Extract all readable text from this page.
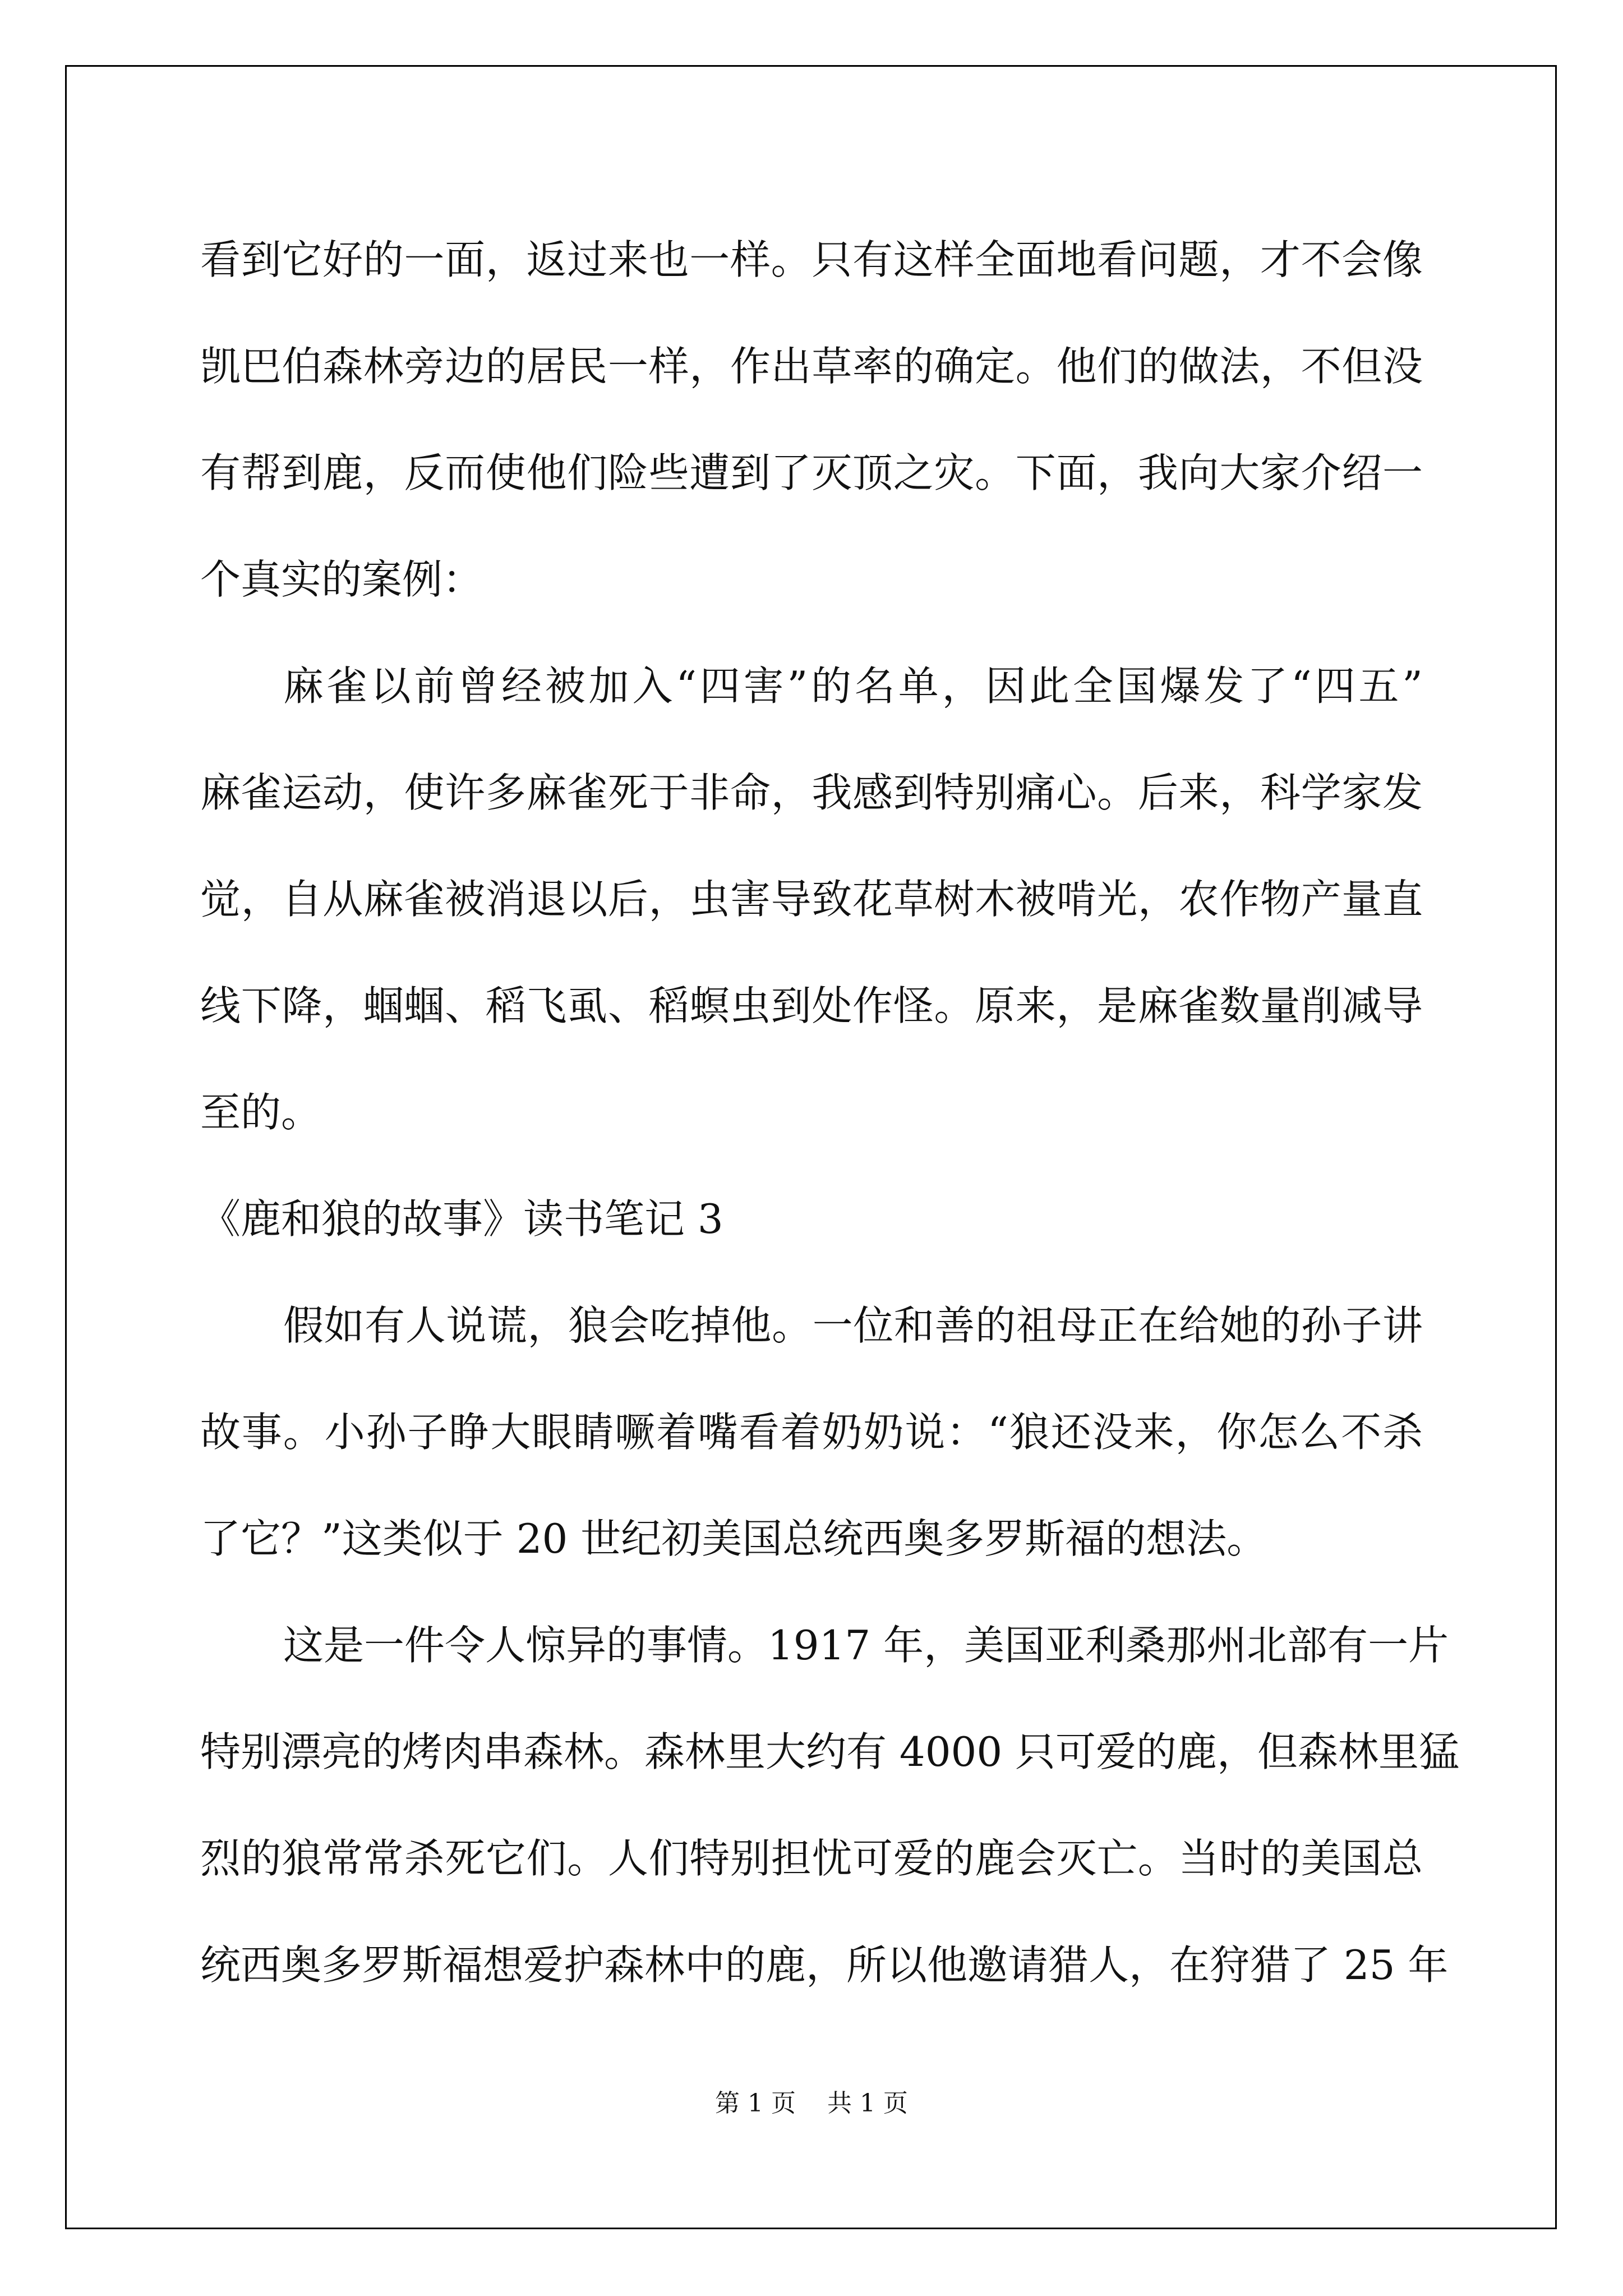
看到它好的一面，返过来也一样。只有这样全面地看问题，才不会像
凯巴伯森林旁边的居民一样，作出草率的确定。他们的做法，不但没
有帮到鹿，反而使他们险些遭到了灭顶之灾。下面，我向大家介绍一
个真实的案例：
麻雀以前曾经被加入“四害”的名单，因此全国爆发了“四五”
麻雀运动，使许多麻雀死于非命，我感到特别痛心。后来，科学家发
觉，自从麻雀被消退以后，虫害导致花草树木被啃光，农作物产量直
线下降，蝈蝈、稻飞虱、稻螟虫到处作怪。原来，是麻雀数量削减导
至的。
《鹿和狼的故事》读书笔记 3
假如有人说谎，狼会吃掉他。一位和善的祖母正在给她的孙子讲
故事。小孙子睁大眼睛噘着嘴看着奶奶说：“狼还没来，你怎么不杀
了它？”这类似于 20 世纪初美国总统西奥多罗斯福的想法。
这是一件令人惊异的事情。1917 年，美国亚利桑那州北部有一片
特别漂亮的烤肉串森林。森林里大约有 4000 只可爱的鹿，但森林里猛
烈的狼常常杀死它们。人们特别担忧可爱的鹿会灭亡。当时的美国总
统西奥多罗斯福想爱护森林中的鹿，所以他邀请猎人，在狩猎了 25 年
第 1 页    共 1 页
